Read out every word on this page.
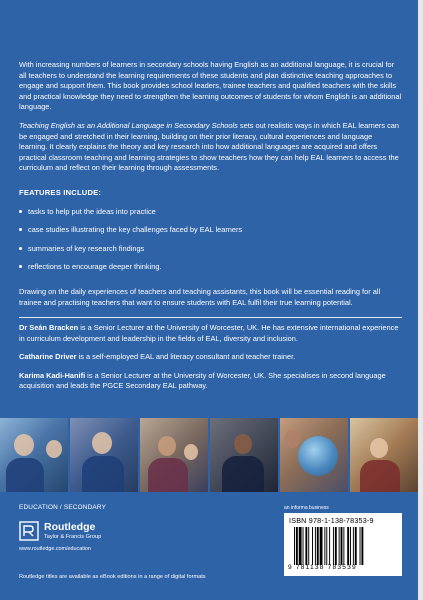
With increasing numbers of learners in secondary schools having English as an additional language, it is crucial for all teachers to understand the learning requirements of these students and plan distinctive teaching approaches to engage and support them. This book provides school leaders, trainee teachers and qualified teachers with the skills and practical knowledge they need to strengthen the learning outcomes of students for whom English is an additional language.

Teaching English as an Additional Language in Secondary Schools sets out realistic ways in which EAL learners can be engaged and stretched in their learning, building on their prior literacy, cultural experiences and language learning. It clearly explains the theory and key research into how additional languages are acquired and offers practical classroom teaching and learning strategies to show teachers how they can help EAL learners to access the curriculum and reflect on their learning through assessments.

FEATURES INCLUDE:
tasks to help put the ideas into practice
case studies illustrating the key challenges faced by EAL learners
summaries of key research findings
reflections to encourage deeper thinking.

Drawing on the daily experiences of teachers and teaching assistants, this book will be essential reading for all trainee and practising teachers that want to ensure students with EAL fulfil their true learning potential.

Dr Seán Bracken is a Senior Lecturer at the University of Worcester, UK. He has extensive international experience in curriculum development and leadership in the fields of EAL, diversity and inclusion.

Catharine Driver is a self-employed EAL and literacy consultant and teacher trainer.

Karima Kadi-Hanifi is a Senior Lecturer at the University of Worcester, UK. She specialises in second language acquisition and leads the PGCE Secondary EAL pathway.

EDUCATION / SECONDARY
Routledge
Taylor & Francis Group
www.routledge.com/education
Routledge titles are available as eBook editions in a range of digital formats
an informa business
ISBN 978-1-138-78353-9
9 781138 783539
